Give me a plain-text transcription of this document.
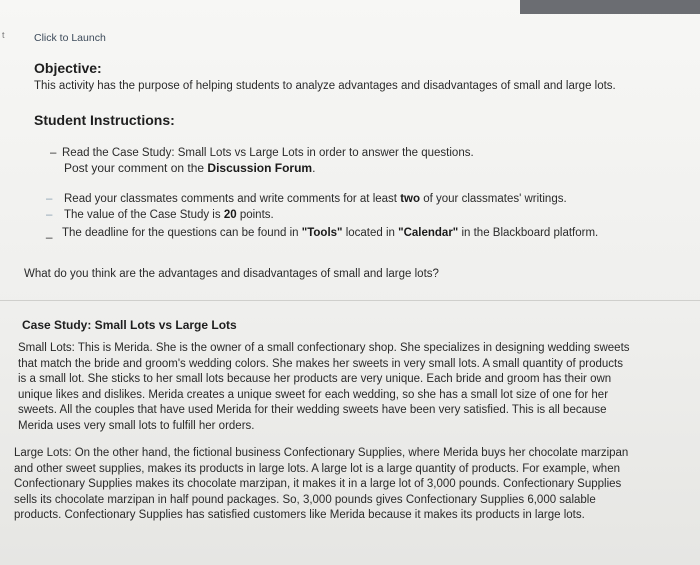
t	Click to Launch
Objective:
This activity has the purpose of helping students to analyze advantages and disadvantages of small and large lots.
Student Instructions:
– Read the Case Study: Small Lots vs Large Lots in order to answer the questions.
Post your comment on the Discussion Forum.
– Read your classmates comments and write comments for at least two of your classmates' writings.
– The value of the Case Study is 20 points.
_ The deadline for the questions can be found in "Tools" located in "Calendar" in the Blackboard platform.
What do you think are the advantages and disadvantages of small and large lots?
Case Study: Small Lots vs Large Lots
Small Lots: This is Merida. She is the owner of a small confectionary shop. She specializes in designing wedding sweets
that match the bride and groom's wedding colors. She makes her sweets in very small lots. A small quantity of products
is a small lot. She sticks to her small lots because her products are very unique. Each bride and groom has their own
unique likes and dislikes. Merida creates a unique sweet for each wedding, so she has a small lot size of one for her
sweets. All the couples that have used Merida for their wedding sweets have been very satisfied. This is all because
Merida uses very small lots to fulfill her orders.
Large Lots: On the other hand, the fictional business Confectionary Supplies, where Merida buys her chocolate marzipan
and other sweet supplies, makes its products in large lots. A large lot is a large quantity of products. For example, when
Confectionary Supplies makes its chocolate marzipan, it makes it in a large lot of 3,000 pounds. Confectionary Supplies
sells its chocolate marzipan in half pound packages. So, 3,000 pounds gives Confectionary Supplies 6,000 salable
products. Confectionary Supplies has satisfied customers like Merida because it makes its products in large lots.
